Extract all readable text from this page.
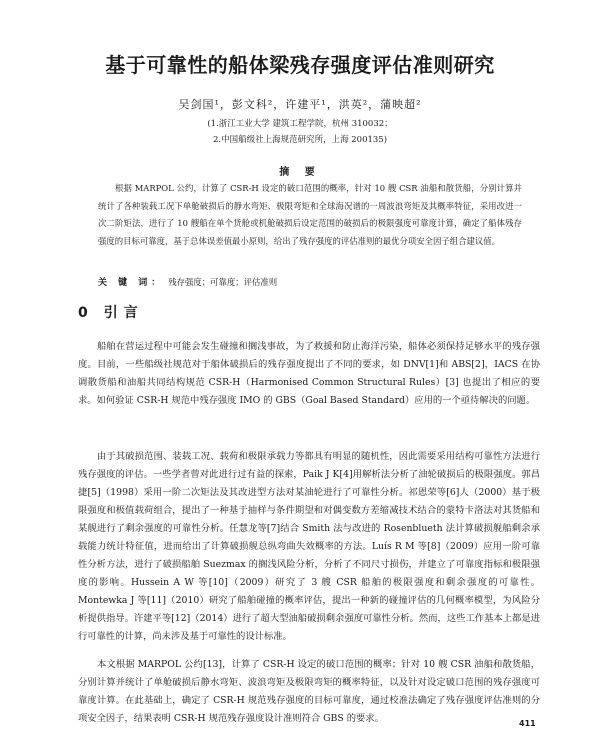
基于可靠性的船体梁残存强度评估准则研究
吴剑国¹，彭文科²，许建平¹，洪英²，蒲映超²
(1.浙江工业大学 建筑工程学院，杭州 310032；
2.中国船级社上海规范研究所，上海 200135)
摘 要

根据 MARPOL 公约，计算了 CSR-H 设定的破口范围的概率，针对 10 艘 CSR 油船和散货船，分别计算并统计了各种装载工况下单舱破损后的静水弯矩、极限弯矩和全球海况谱的一周波浪弯矩及其概率特征，采用改进一次二阶矩法，进行了 10 艘船在单个货舱或机舱破损后设定范围的破损后的极限强度可靠度计算，确定了船体残存强度的目标可靠度，基于总体误差值最小原则，给出了残存强度的评估准则的最优分项安全因子组合建议值。

关 键 词： 残存强度；可靠度；评估准则
0 引言

船舶在营运过程中可能会发生碰撞和搁浅事故，为了救援和防止海洋污染，船体必须保持足够水平的残存强度。目前，一些船级社规范对于船体破损后的残存强度提出了不同的要求，如 DNV[1]和 ABS[2]，IACS 在协调散货船和油船共同结构规范 CSR-H（Harmonised Common Structural Rules）[3] 也提出了相应的要求。如何验证 CSR-H 规范中残存强度 IMO 的 GBS（Goal Based Standard）应用的一个亟待解决的问题。

由于其破损范围、装载工况、载荷和极限承载力等都具有明显的随机性，因此需要采用结构可靠性方法进行残存强度的评估。一些学者曾对此进行过有益的探索，Paik J K[4]用解析法分析了油轮破损后的极限强度。郭昌捷[5]（1998）采用一阶二次矩法及其改进型方法对某油轮进行了可靠性分析。祁恩荣等[6]人（2000）基于极限强度和极值载荷组合，提出了一种基于抽样与条件期望和对偶变数方差缩减技术结合的蒙特卡洛法对其货船和某舰进行了剩余强度的可靠性分析。任慧龙等[7]结合 Smith 法与改进的 Rosenblueth 法计算破损舰船剩余承载能力统计特征值，进而给出了计算破损舰总纵弯曲失效概率的方法。Luís R M 等[8]（2009）应用一阶可靠性分析方法，进行了破损船舶 Suezmax 的搁浅风险分析，分析了不同尺寸损伤，并建立了可靠度指标和极限强度的影响。Hussein A W 等[10]（2009）研究了 3 艘 CSR 船舶的极限强度和剩余强度的可靠性。Montewka J 等[11]（2010）研究了船舶碰撞的概率评估，提出一种新的碰撞评估的几何概率模型，为风险分析提供指导。许建平等[12]（2014）进行了超大型油船破损剩余强度可靠性分析。然而，这些工作基本上都是进行可靠性的计算，尚未涉及基于可靠性的设计标准。

本文根据 MARPOL 公约[13]，计算了 CSR-H 设定的破口范围的概率；针对 10 艘 CSR 油船和散货船，分别计算并统计了单舱破损后静水弯矩、波浪弯矩及极限弯矩的概率特征，以及针对设定破口范围的残存强度可靠度计算。在此基础上，确定了 CSR-H 规范残存强度的目标可靠度，通过校准法确定了残存强度评估准则的分项安全因子，结果表明 CSR-H 规范残存强度设计准则符合 GBS 的要求。	411
